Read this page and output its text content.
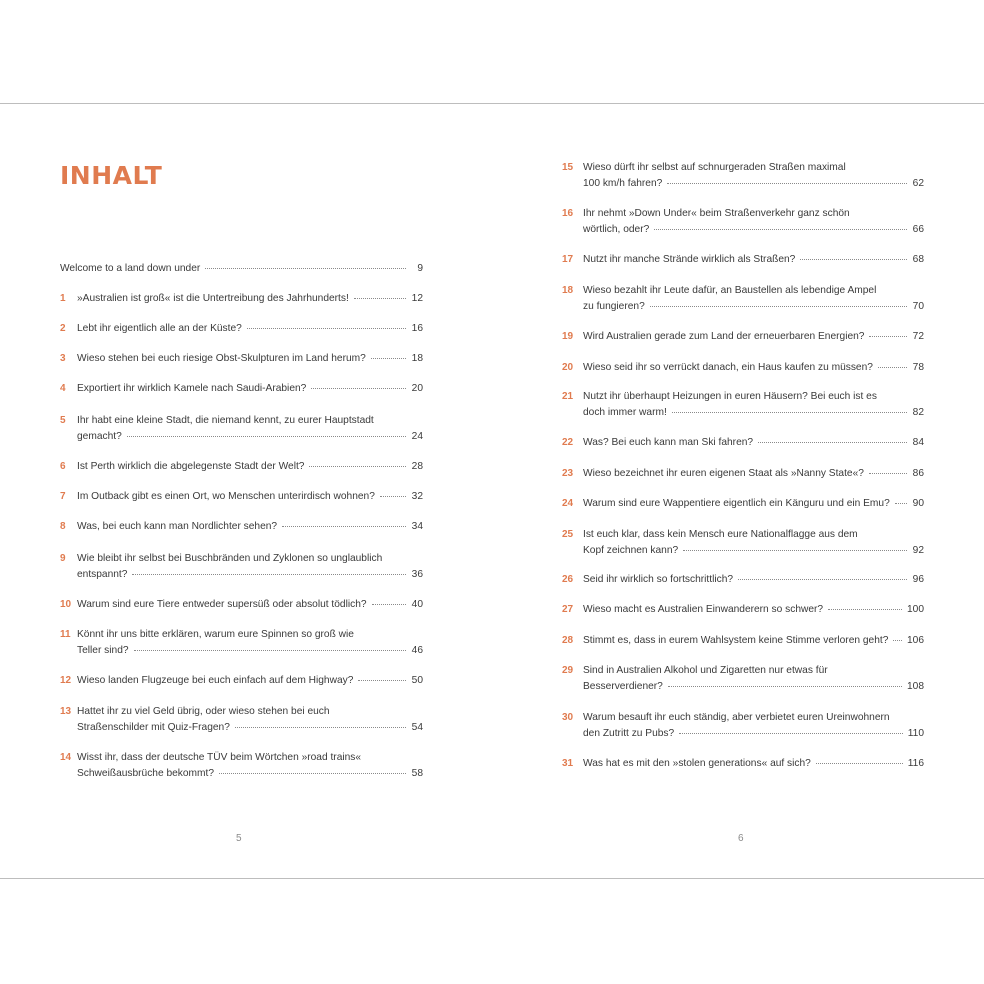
INHALT
Welcome to a land down under	9
1 »Australien ist groß« ist die Untertreibung des Jahrhunderts!	12
2 Lebt ihr eigentlich alle an der Küste?	16
3 Wieso stehen bei euch riesige Obst-Skulpturen im Land herum?	18
4 Exportiert ihr wirklich Kamele nach Saudi-Arabien?	20
5 Ihr habt eine kleine Stadt, die niemand kennt, zu eurer Hauptstadt
gemacht?	24
6 Ist Perth wirklich die abgelegenste Stadt der Welt?	28
7 Im Outback gibt es einen Ort, wo Menschen unterirdisch wohnen?	32
8 Was, bei euch kann man Nordlichter sehen?	34
9 Wie bleibt ihr selbst bei Buschbränden und Zyklonen so unglaublich
entspannt?	36
10 Warum sind eure Tiere entweder supersüß oder absolut tödlich?	40
11 Könnt ihr uns bitte erklären, warum eure Spinnen so groß wie
Teller sind?	46
12 Wieso landen Flugzeuge bei euch einfach auf dem Highway?	50
13 Hattet ihr zu viel Geld übrig, oder wieso stehen bei euch
Straßenschilder mit Quiz-Fragen?	54
14 Wisst ihr, dass der deutsche TÜV beim Wörtchen »road trains«
Schweißausbrüche bekommt?	58
5
15 Wieso dürft ihr selbst auf schnurgeraden Straßen maximal
100 km/h fahren?	62
16 Ihr nehmt »Down Under« beim Straßenverkehr ganz schön
wörtlich, oder?	66
17 Nutzt ihr manche Strände wirklich als Straßen?	68
18 Wieso bezahlt ihr Leute dafür, an Baustellen als lebendige Ampel
zu fungieren?	70
19 Wird Australien gerade zum Land der erneuerbaren Energien?	72
20 Wieso seid ihr so verrückt danach, ein Haus kaufen zu müssen?	78
21 Nutzt ihr überhaupt Heizungen in euren Häusern? Bei euch ist es
doch immer warm!	82
22 Was? Bei euch kann man Ski fahren?	84
23 Wieso bezeichnet ihr euren eigenen Staat als »Nanny State«?	86
24 Warum sind eure Wappentiere eigentlich ein Känguru und ein Emu? 90
25 Ist euch klar, dass kein Mensch eure Nationalflagge aus dem
Kopf zeichnen kann?	92
26 Seid ihr wirklich so fortschrittlich?	96
27 Wieso macht es Australien Einwanderern so schwer?	100
28 Stimmt es, dass in eurem Wahlsystem keine Stimme verloren geht? 106
29 Sind in Australien Alkohol und Zigaretten nur etwas für
Besserverdiener?	108
30 Warum besauft ihr euch ständig, aber verbietet euren Ureinwohnern
den Zutritt zu Pubs?	110
31 Was hat es mit den »stolen generations« auf sich?	116
6
